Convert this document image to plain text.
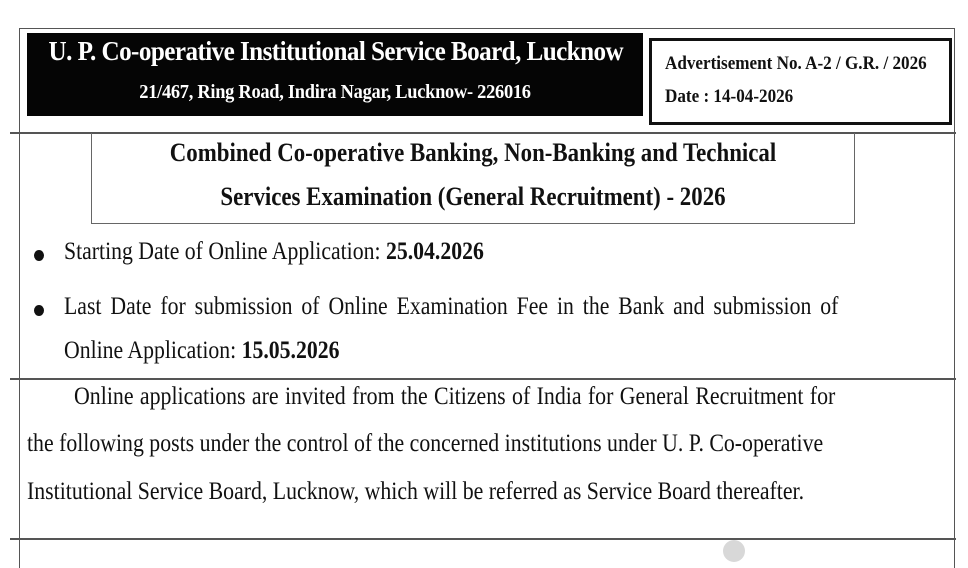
U. P. Co-operative Institutional Service Board, Lucknow
21/467, Ring Road, Indira Nagar, Lucknow- 226016
Advertisement No. A-2 / G.R. / 2026
Date : 14-04-2026
Combined Co-operative Banking, Non-Banking and Technical
Services Examination (General Recruitment) - 2026
Starting Date of Online Application: 25.04.2026
Last Date for submission of Online Examination Fee in the Bank and submission of
Online Application: 15.05.2026
Online applications are invited from the Citizens of India for General Recruitment for
the following posts under the control of the concerned institutions under U. P. Co-operative
Institutional Service Board, Lucknow, which will be referred as Service Board thereafter.
